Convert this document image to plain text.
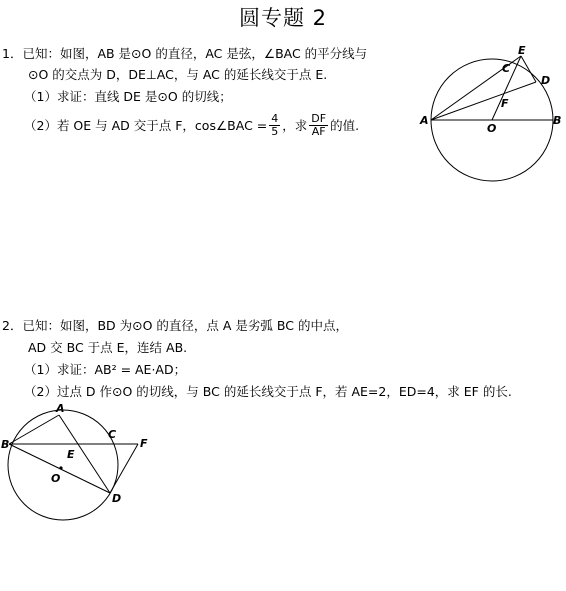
圆专题 2
1．已知：如图，AB 是⊙O 的直径，AC 是弦，∠BAC 的平分线与
⊙O 的交点为 D，DE⊥AC，与 AC 的延长线交于点 E.
（1）求证：直线 DE 是⊙O 的切线；
（2）若 OE 与 AD 交于点 F，cos∠BAC = $\frac{4}{5}$ ，求 $\frac{DF}{AF}$ 的值.	A	B
O
C
D
E
F
2．已知：如图，BD 为⊙O 的直径，点 A 是劣弧 BC 的中点，
AD 交 BC 于点 E，连结 AB.
（1）求证：AB² = AE·AD；
（2）过点 D 作⊙O 的切线，与 BC 的延长线交于点 F，若 AE=2，ED=4，求 EF 的长.
A
B
C
D
E
F
O
